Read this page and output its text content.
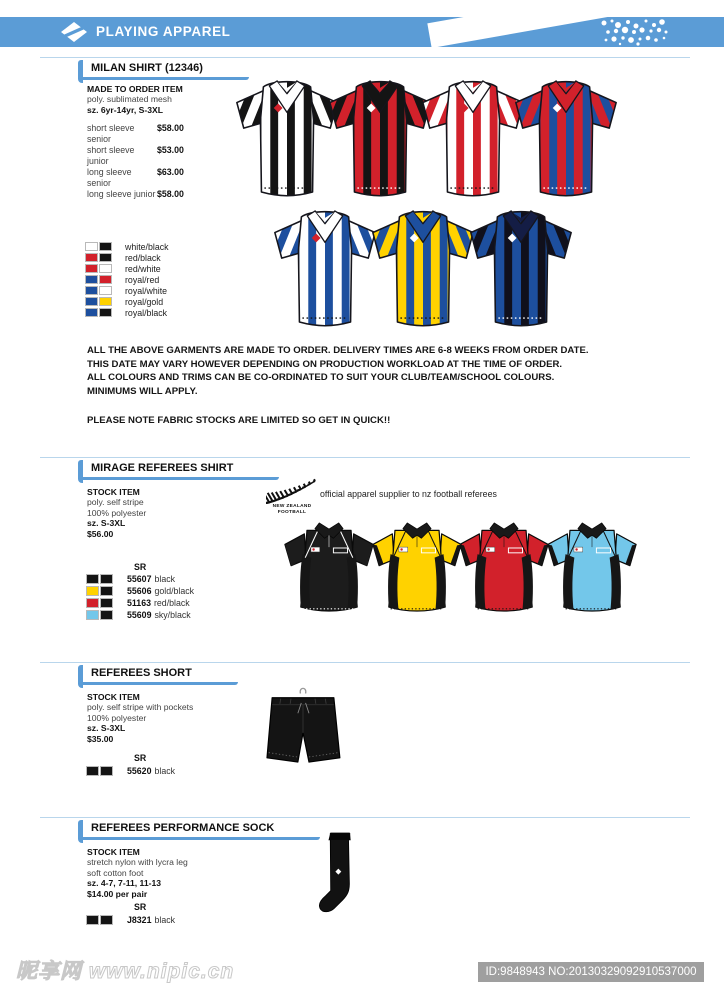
PLAYING APPAREL
MILAN SHIRT (12346)
MADE TO ORDER ITEM
poly. sublimated mesh
sz. 6yr-14yr, S-3XL
short sleeve senior
$58.00
short sleeve junior
$53.00
long sleeve senior
$63.00
long sleeve junior $58.00
white/black
red/black
red/white
royal/red
royal/white
royal/gold
royal/black
ALL THE ABOVE GARMENTS ARE MADE TO ORDER. DELIVERY TIMES ARE 6-8 WEEKS FROM ORDER DATE.
THIS DATE MAY VARY HOWEVER DEPENDING ON PRODUCTION WORKLOAD AT THE TIME OF ORDER.
ALL COLOURS AND TRIMS CAN BE CO-ORDINATED TO SUIT YOUR CLUB/TEAM/SCHOOL COLOURS.
MINIMUMS WILL APPLY.
PLEASE NOTE FABRIC STOCKS ARE LIMITED SO GET IN QUICK!!
MIRAGE REFEREES SHIRT
STOCK ITEM
poly. self stripe
100% polyester
sz. S-3XL
$56.00
NEW ZEALAND
FOOTBALL
official apparel supplier to nz football referees
SR
55607 black
55606 gold/black
51163 red/black
55609 sky/black
REFEREES SHORT
STOCK ITEM
poly. self stripe with pockets
100% polyester
sz. S-3XL
$35.00
SR
55620 black
REFEREES PERFORMANCE SOCK
STOCK ITEM
stretch nylon with lycra leg
soft cotton foot
sz. 4-7, 7-11, 11-13
$14.00 per pair
SR
J8321 black
昵享网 www.nipic.cn	ID:9848943 NO:20130329092910537000
